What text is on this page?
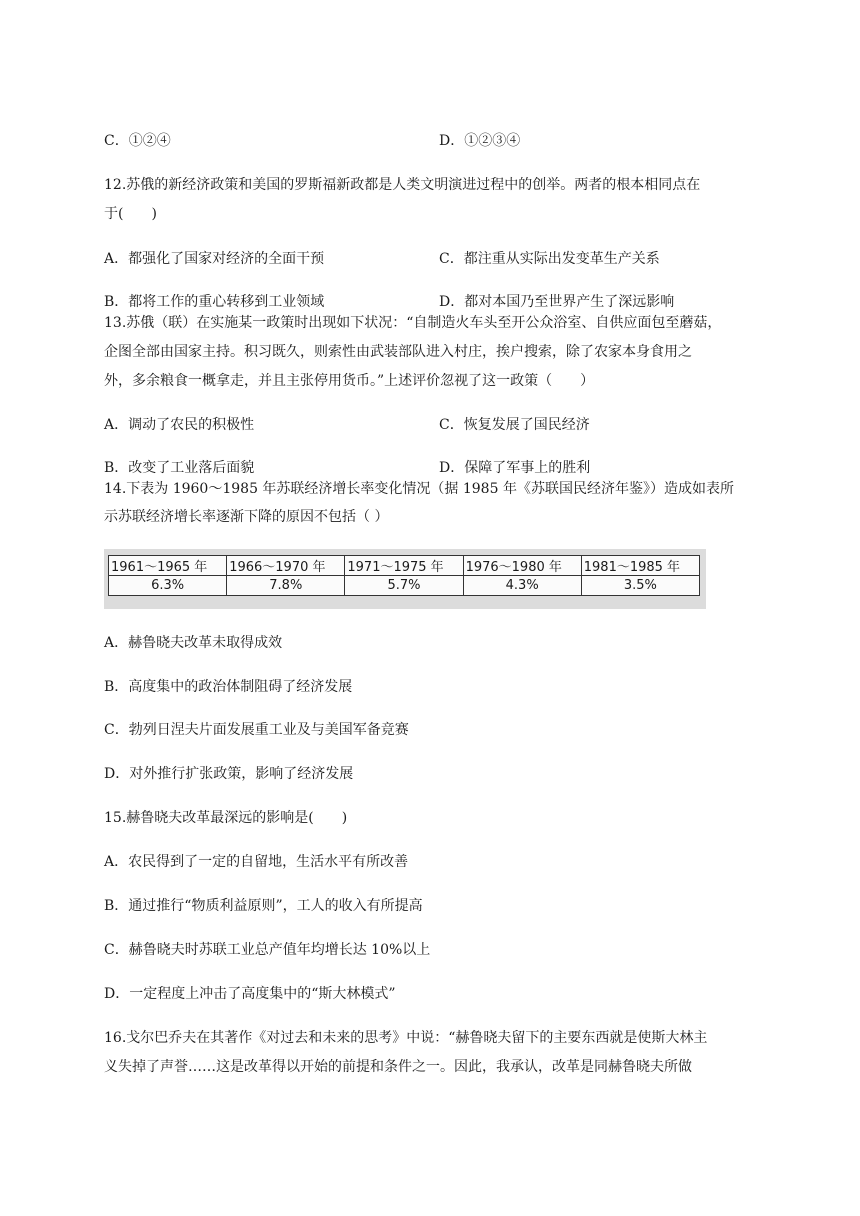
C．①②④	D．①②③④
12.苏俄的新经济政策和美国的罗斯福新政都是人类文明演进过程中的创举。两者的根本相同点在
于(　　)
A．都强化了国家对经济的全面干预	C．都注重从实际出发变革生产关系
B．都将工作的重心转移到工业领域	D．都对本国乃至世界产生了深远影响
13.苏俄（联）在实施某一政策时出现如下状况：“自制造火车头至开公众浴室、自供应面包至蘑菇，
企图全部由国家主持。积习既久，则索性由武装部队进入村庄，挨户搜索，除了农家本身食用之
外，多余粮食一概拿走，并且主张停用货币。”上述评价忽视了这一政策（　　）
A．调动了农民的积极性	C．恢复发展了国民经济
B．改变了工业落后面貌	D．保障了军事上的胜利
14.下表为 1960～1985 年苏联经济增长率变化情况（据 1985 年《苏联国民经济年鉴》）造成如表所
示苏联经济增长率逐渐下降的原因不包括（ ）
1961～1965 年	1966～1970 年	1971～1975 年	1976～1980 年	1981～1985 年
6.3%	7.8%	5.7%	4.3%	3.5%
A．赫鲁晓夫改革未取得成效
B．高度集中的政治体制阻碍了经济发展
C．勃列日涅夫片面发展重工业及与美国军备竞赛
D．对外推行扩张政策，影响了经济发展
15.赫鲁晓夫改革最深远的影响是(　　)
A．农民得到了一定的自留地，生活水平有所改善
B．通过推行“物质利益原则”，工人的收入有所提高
C．赫鲁晓夫时苏联工业总产值年均增长达 10%以上
D．一定程度上冲击了高度集中的“斯大林模式”
16.戈尔巴乔夫在其著作《对过去和未来的思考》中说：“赫鲁晓夫留下的主要东西就是使斯大林主
义失掉了声誉……这是改革得以开始的前提和条件之一。因此，我承认，改革是同赫鲁晓夫所做
